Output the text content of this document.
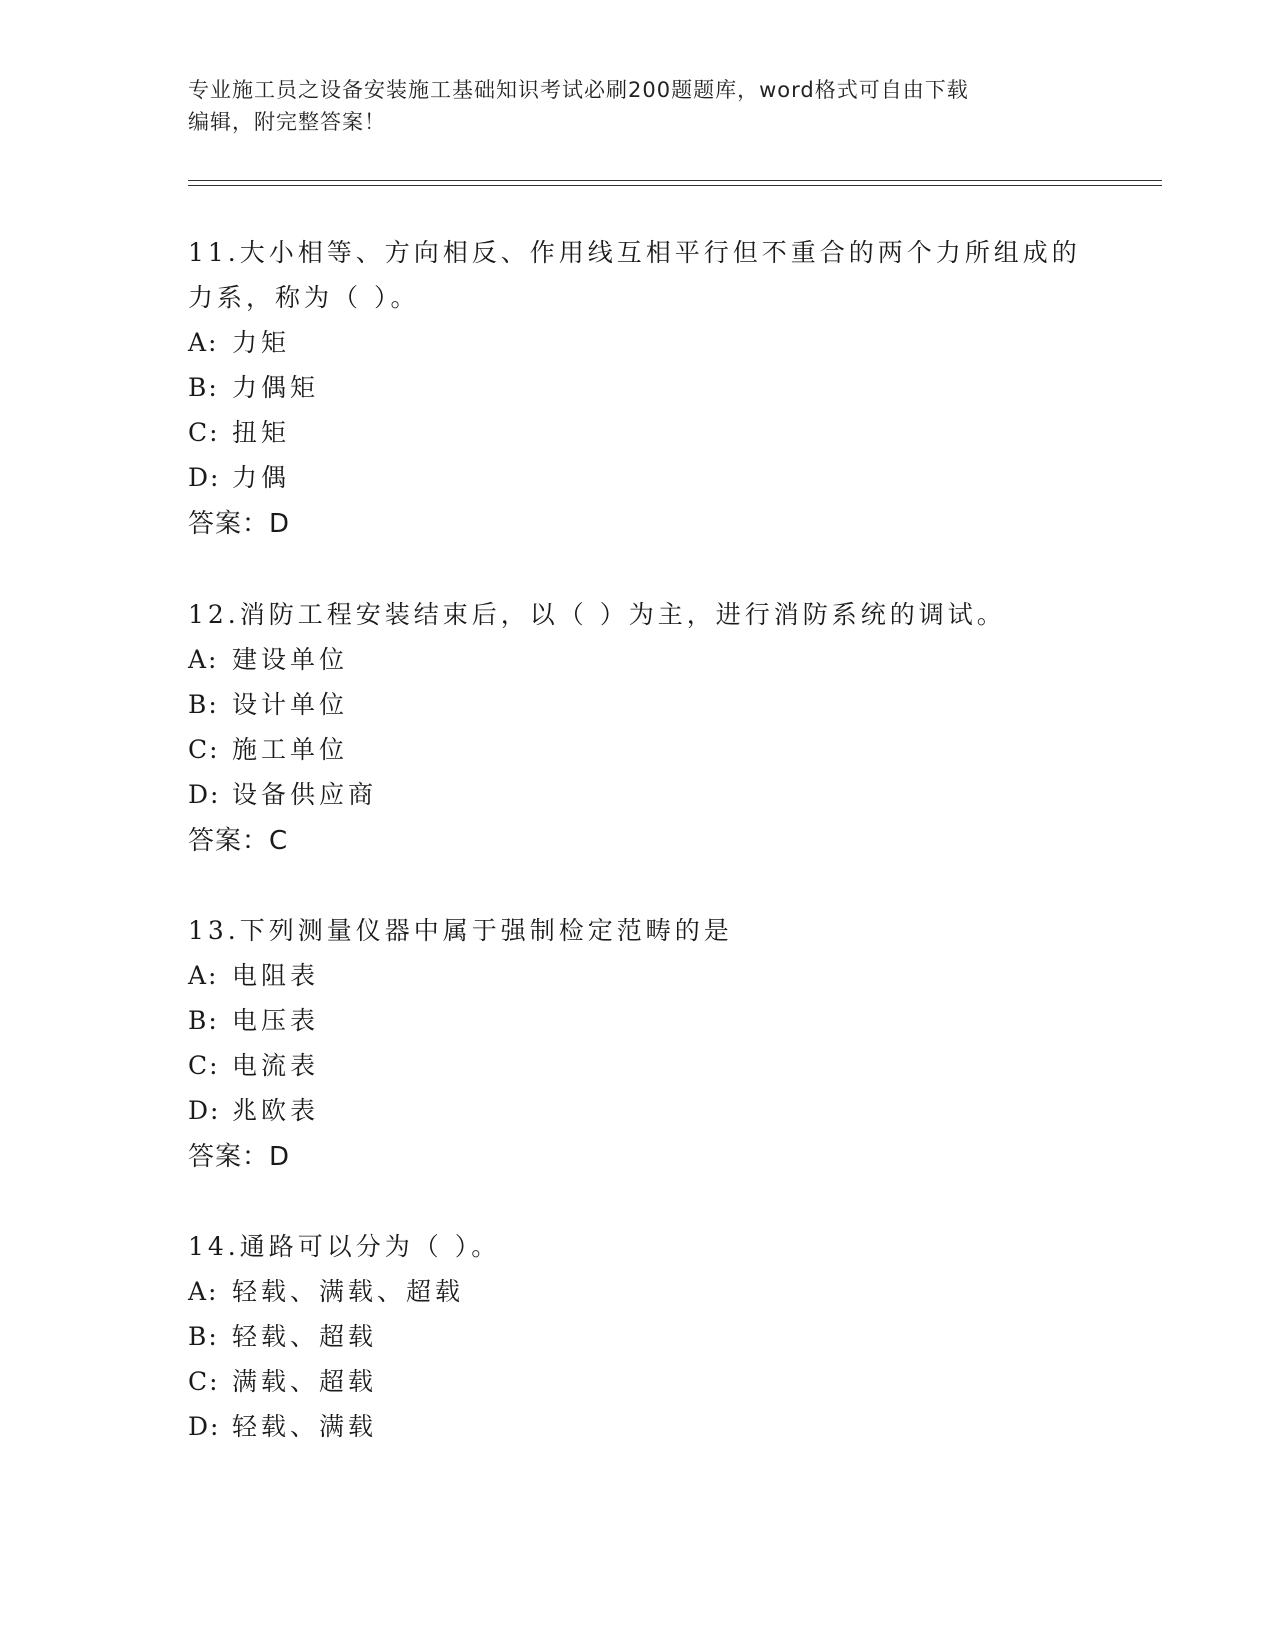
专业施工员之设备安装施工基础知识考试必刷200题题库，word格式可自由下载
编辑，附完整答案！

11.大小相等、方向相反、作用线互相平行但不重合的两个力所组成的

力系，称为（ ）。

A: 力矩

B: 力偶矩

C: 扭矩

D: 力偶

答案：D

12.消防工程安装结束后，以（ ）为主，进行消防系统的调试。

A: 建设单位

B: 设计单位

C: 施工单位

D: 设备供应商

答案：C

13.下列测量仪器中属于强制检定范畴的是

A: 电阻表

B: 电压表

C: 电流表

D: 兆欧表

答案：D

14.通路可以分为（ ）。

A: 轻载、满载、超载

B: 轻载、超载

C: 满载、超载

D: 轻载、满载
